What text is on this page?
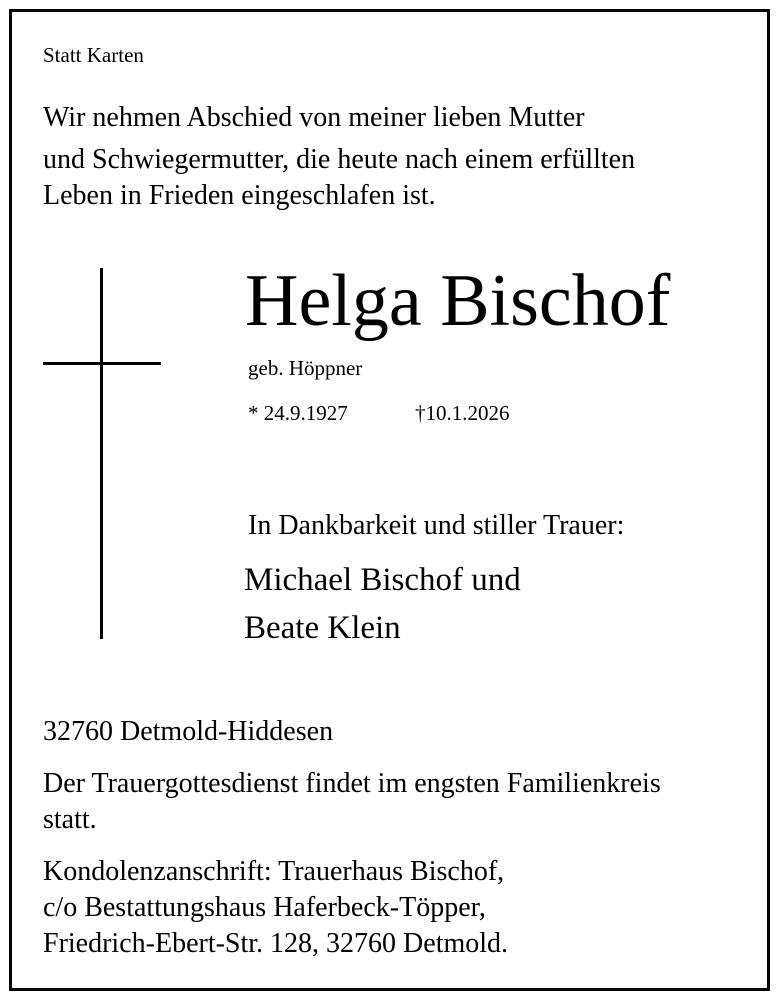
Statt Karten
Wir nehmen Abschied von meiner lieben Mutter
und Schwiegermutter, die heute nach einem erfüllten
Leben in Frieden eingeschlafen ist.
Helga Bischof
geb. Höppner
* 24.9.1927	†10.1.2026
In Dankbarkeit und stiller Trauer:
Michael Bischof und
Beate Klein
32760 Detmold-Hiddesen
Der Trauergottesdienst findet im engsten Familienkreis
statt.
Kondolenzanschrift: Trauerhaus Bischof,
c/o Bestattungshaus Haferbeck-Töpper,
Friedrich-Ebert-Str. 128, 32760 Detmold.
